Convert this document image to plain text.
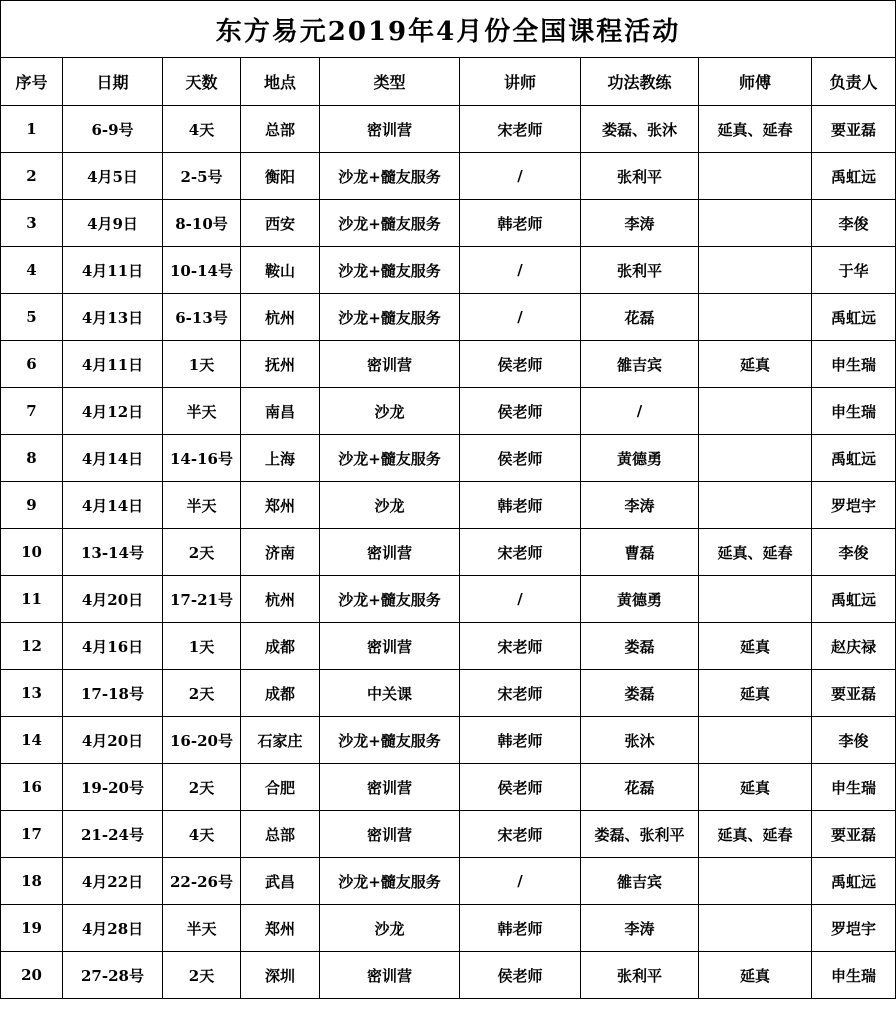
东方易元2019年4月份全国课程活动								
序号	日期	天数	地点	类型	讲师	功法教练	师傅	负责人
1	6-9号	4天	总部	密训营	宋老师	娄磊、张沐	延真、延春	要亚磊
2	4月5日	2-5号	衡阳	沙龙+髓友服务	/	张利平		禹虹远
3	4月9日	8-10号	西安	沙龙+髓友服务	韩老师	李涛		李俊
4	4月11日	10-14号	鞍山	沙龙+髓友服务	/	张利平		于华
5	4月13日	6-13号	杭州	沙龙+髓友服务	/	花磊		禹虹远
6	4月11日	1天	抚州	密训营	侯老师	雒吉宾	延真	申生瑞
7	4月12日	半天	南昌	沙龙	侯老师	/		申生瑞
8	4月14日	14-16号	上海	沙龙+髓友服务	侯老师	黄德勇		禹虹远
9	4月14日	半天	郑州	沙龙	韩老师	李涛		罗垲宇
10	13-14号	2天	济南	密训营	宋老师	曹磊	延真、延春	李俊
11	4月20日	17-21号	杭州	沙龙+髓友服务	/	黄德勇		禹虹远
12	4月16日	1天	成都	密训营	宋老师	娄磊	延真	赵庆禄
13	17-18号	2天	成都	中关课	宋老师	娄磊	延真	要亚磊
14	4月20日	16-20号	石家庄	沙龙+髓友服务	韩老师	张沐		李俊
16	19-20号	2天	合肥	密训营	侯老师	花磊	延真	申生瑞
17	21-24号	4天	总部	密训营	宋老师	娄磊、张利平	延真、延春	要亚磊
18	4月22日	22-26号	武昌	沙龙+髓友服务	/	雒吉宾		禹虹远
19	4月28日	半天	郑州	沙龙	韩老师	李涛		罗垲宇
20	27-28号	2天	深圳	密训营	侯老师	张利平	延真	申生瑞
